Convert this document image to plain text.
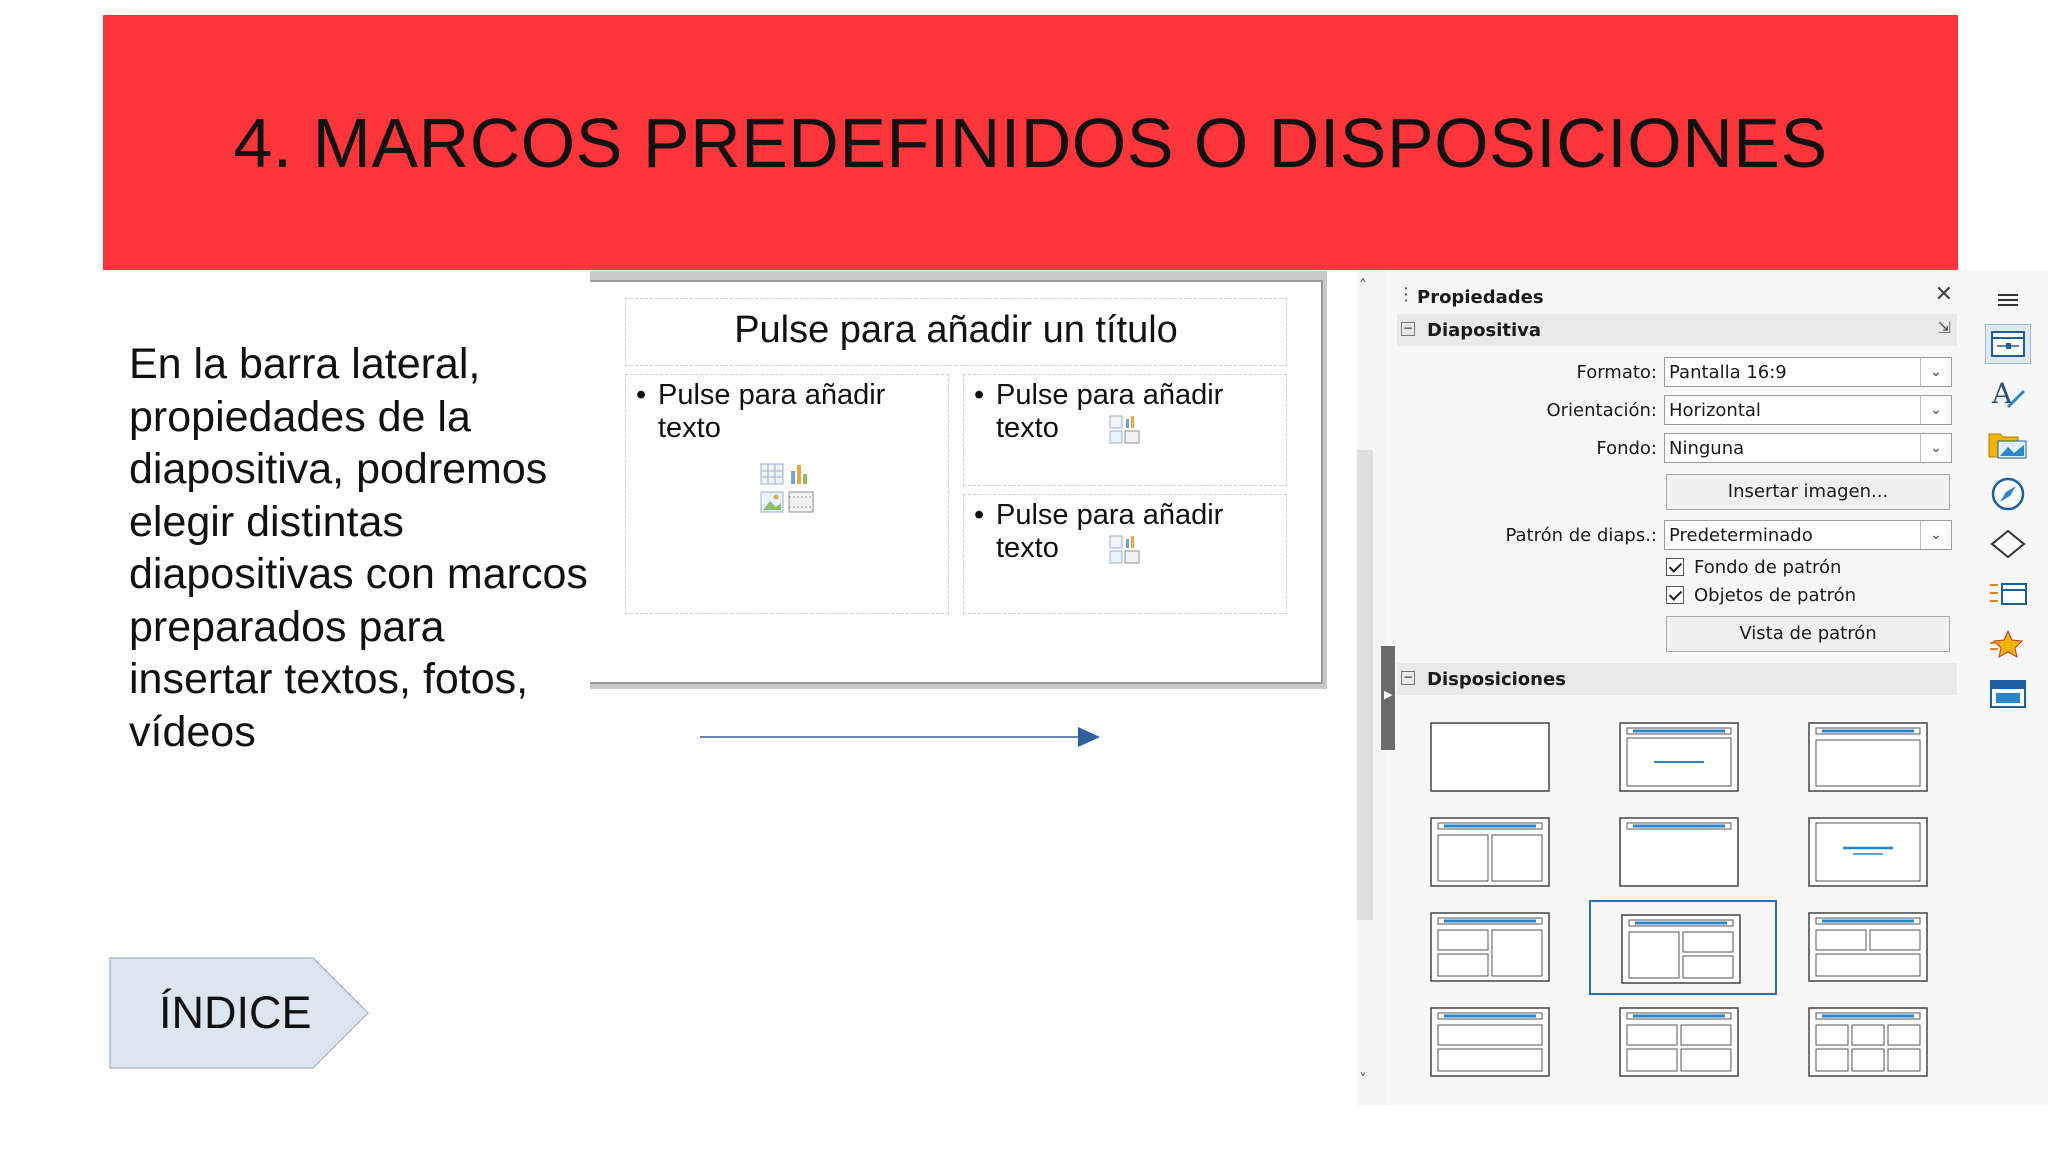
4. MARCOS PREDEFINIDOS O DISPOSICIONES
En la barra lateral, propiedades de la diapositiva, podremos elegir distintas diapositivas con marcos preparados para insertar textos, fotos, vídeos
ÍNDICE
Pulse para añadir un título
• Pulse para añadir texto
• Pulse para añadir texto
• Pulse para añadir texto
˄
˅
▶
⋮ Propiedades	✕
− Diapositiva	⇲
Formato: Pantalla 16:9	⌄
Orientación: Horizontal	⌄
Fondo: Ninguna	⌄
Insertar imagen...
Patrón de diaps.: Predeterminado	⌄
Fondo de patrón
Objetos de patrón
Vista de patrón
− Disposiciones
A
